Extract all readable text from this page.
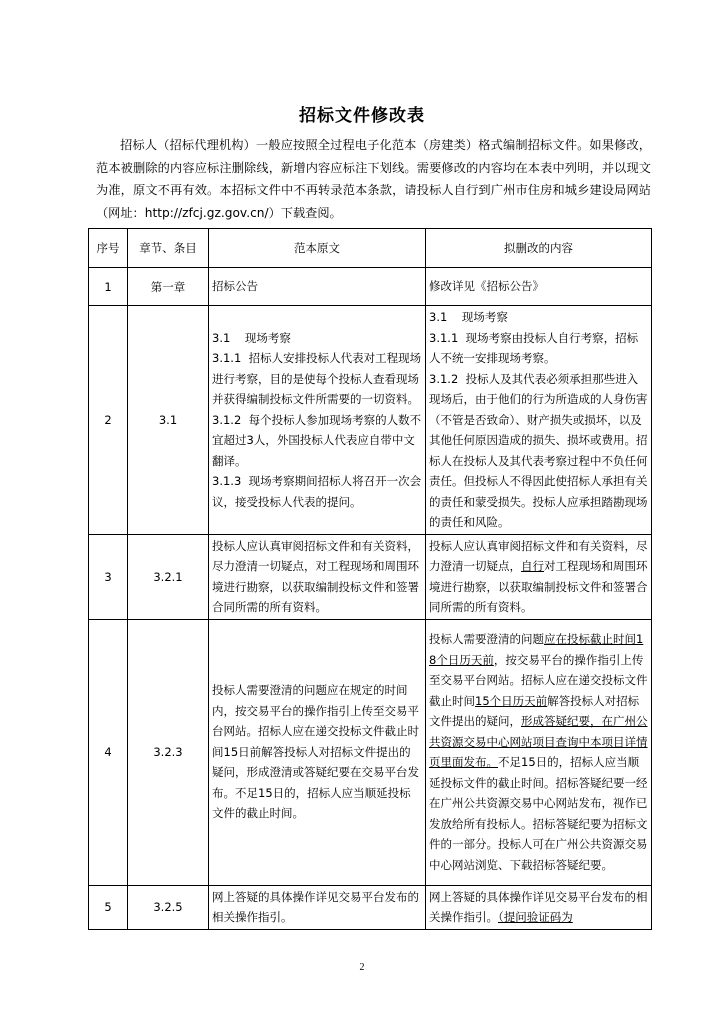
招标文件修改表
招标人（招标代理机构）一般应按照全过程电子化范本（房建类）格式编制招标文件。如果修改，范本被删除的内容应标注删除线，新增内容应标注下划线。需要修改的内容均在本表中列明，并以现文为准，原文不再有效。本招标文件中不再转录范本条款，请投标人自行到广州市住房和城乡建设局网站（网址：http://zfcj.gz.gov.cn/）下载查阅。
序号	章节、条目	范本原文	拟删改的内容
1	第一章	招标公告	修改详见《招标公告》
2	3.1	3.1    现场考察
3.1.1  招标人安排投标人代表对工程现场进行考察，目的是使每个投标人查看现场并获得编制投标文件所需要的一切资料。
3.1.2  每个投标人参加现场考察的人数不宜超过3人，外国投标人代表应自带中文翻译。
3.1.3  现场考察期间招标人将召开一次会议，接受投标人代表的提问。	3.1    现场考察
3.1.1  现场考察由投标人自行考察，招标人不统一安排现场考察。
3.1.2  投标人及其代表必须承担那些进入现场后，由于他们的行为所造成的人身伤害（不管是否致命）、财产损失或损坏，以及其他任何原因造成的损失、损坏或费用。招标人在投标人及其代表考察过程中不负任何责任。但投标人不得因此使招标人承担有关的责任和蒙受损失。投标人应承担踏勘现场的责任和风险。
3	3.2.1	投标人应认真审阅招标文件和有关资料，尽力澄清一切疑点，对工程现场和周围环境进行勘察，以获取编制投标文件和签署合同所需的所有资料。	投标人应认真审阅招标文件和有关资料，尽力澄清一切疑点，自行对工程现场和周围环境进行勘察，以获取编制投标文件和签署合同所需的所有资料。
4	3.2.3	投标人需要澄清的问题应在规定的时间内，按交易平台的操作指引上传至交易平台网站。招标人应在递交投标文件截止时间15日前解答投标人对招标文件提出的疑问，形成澄清或答疑纪要在交易平台发布。不足15日的，招标人应当顺延投标文件的截止时间。	投标人需要澄清的问题应在投标截止时间18个日历天前，按交易平台的操作指引上传至交易平台网站。招标人应在递交投标文件截止时间15个日历天前解答投标人对招标文件提出的疑问，形成答疑纪要，在广州公共资源交易中心网站项目查询中本项目详情页里面发布。不足15日的，招标人应当顺延投标文件的截止时间。招标答疑纪要一经在广州公共资源交易中心网站发布，视作已发放给所有投标人。招标答疑纪要为招标文件的一部分。投标人可在广州公共资源交易中心网站浏览、下载招标答疑纪要。
5	3.2.5	网上答疑的具体操作详见交易平台发布的相关操作指引。	网上答疑的具体操作详见交易平台发布的相关操作指引。（提问验证码为
2
